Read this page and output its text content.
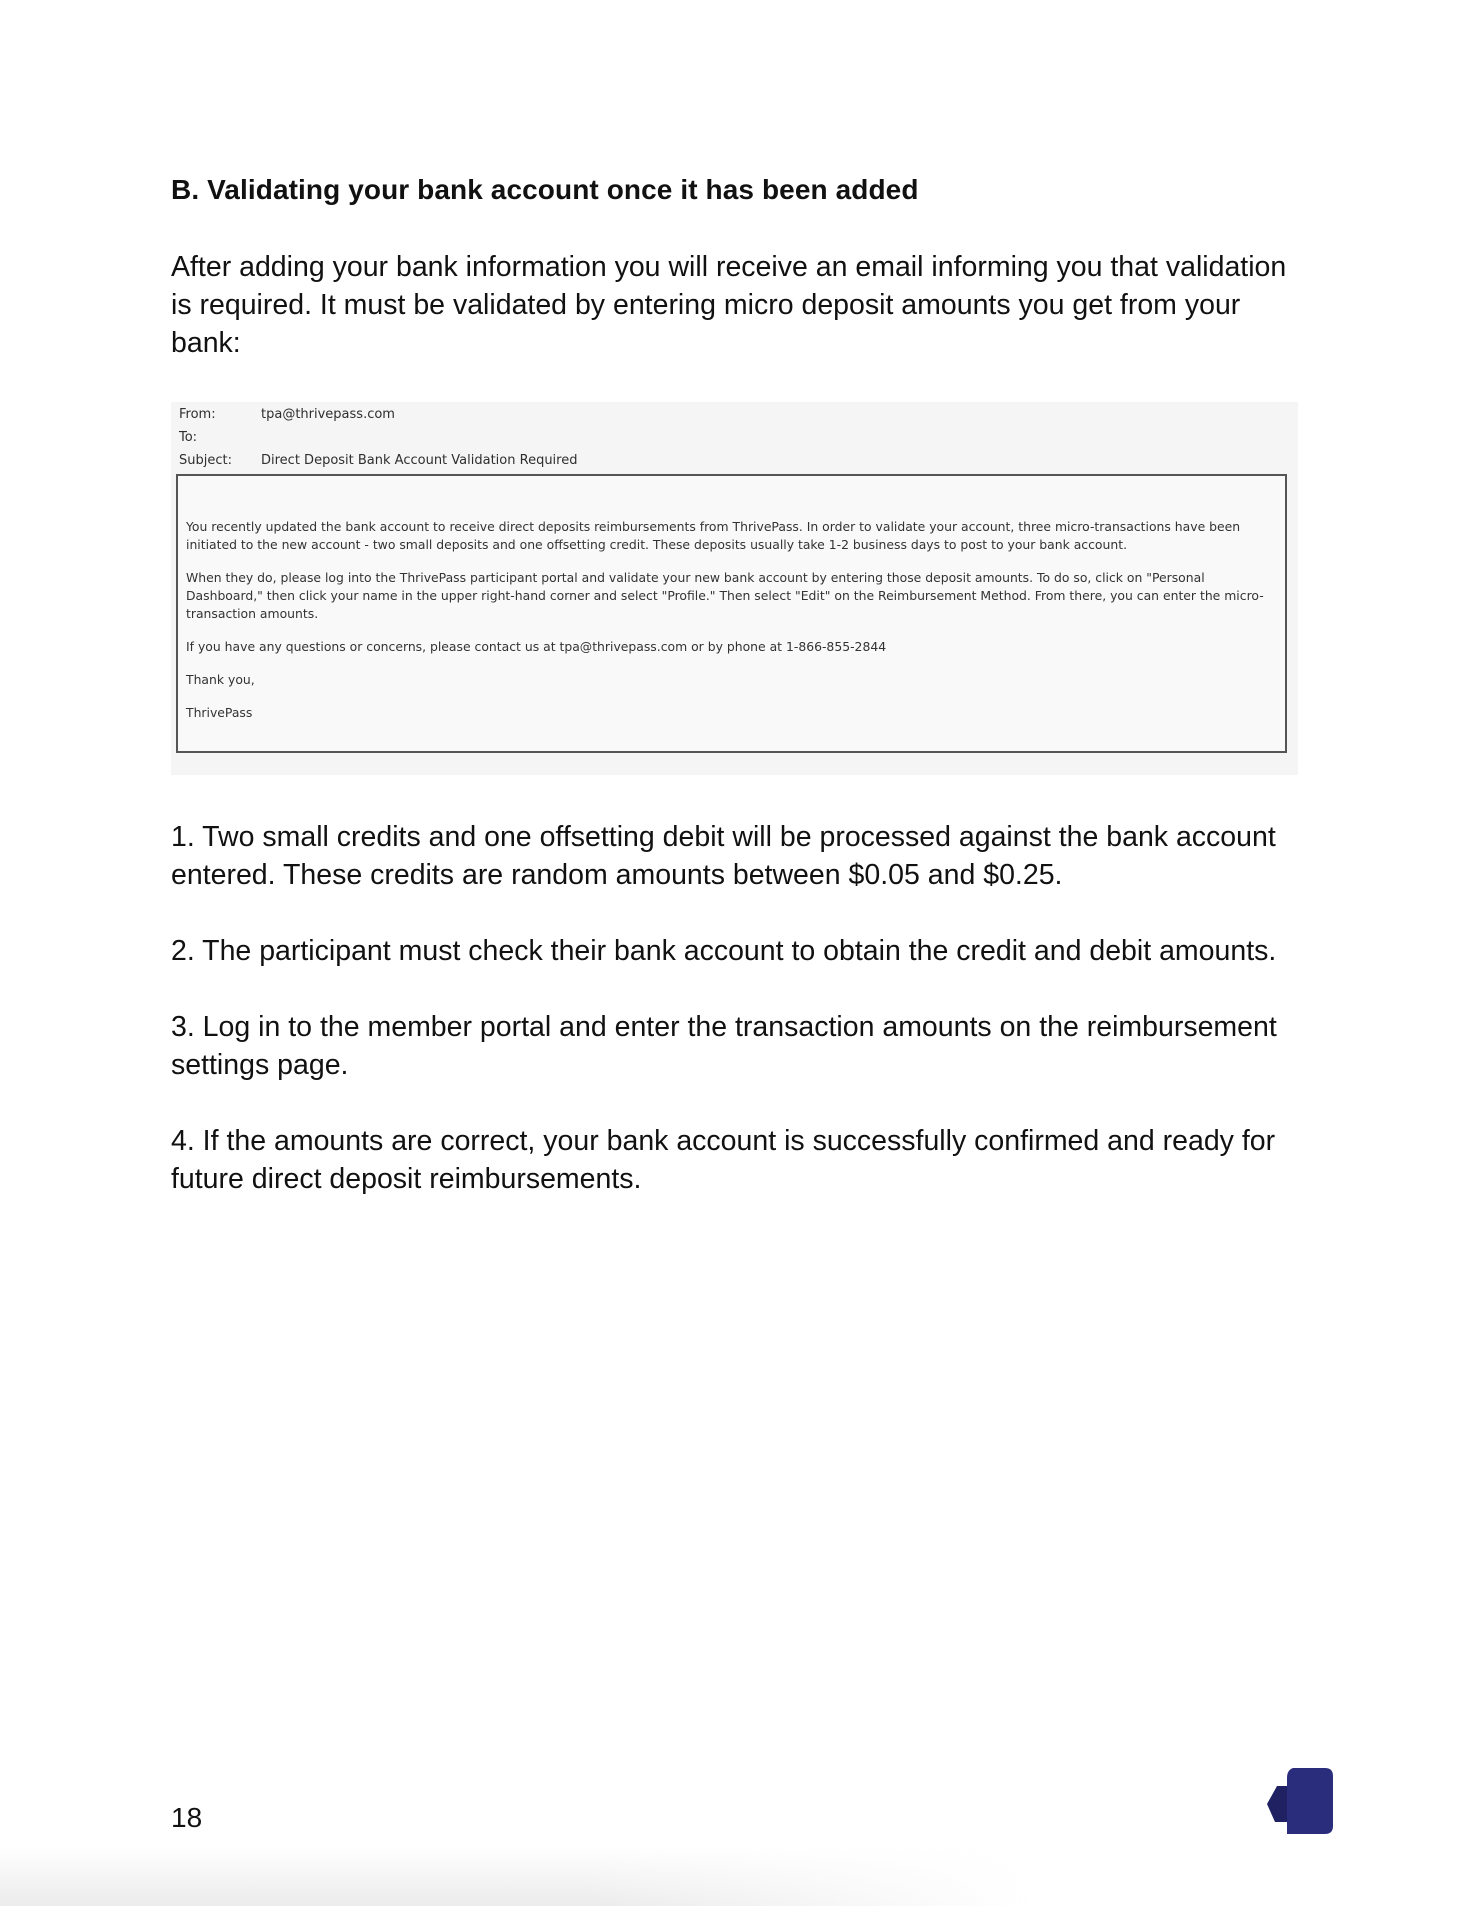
B. Validating your bank account once it has been added

After adding your bank information you will receive an email informing you that validation is required. It must be validated by entering micro deposit amounts you get from your bank:

From:	tpa@thrivepass.com
To:
Subject: Direct Deposit Bank Account Validation Required

You recently updated the bank account to receive direct deposits reimbursements from ThrivePass. In order to validate your account, three micro-transactions have been initiated to the new account - two small deposits and one offsetting credit. These deposits usually take 1-2 business days to post to your bank account.

When they do, please log into the ThrivePass participant portal and validate your new bank account by entering those deposit amounts. To do so, click on "Personal Dashboard," then click your name in the upper right-hand corner and select "Profile." Then select "Edit" on the Reimbursement Method. From there, you can enter the micro-transaction amounts.

If you have any questions or concerns, please contact us at tpa@thrivepass.com or by phone at 1-866-855-2844

Thank you,

ThrivePass

1. Two small credits and one offsetting debit will be processed against the bank account entered. These credits are random amounts between $0.05 and $0.25.

2. The participant must check their bank account to obtain the credit and debit amounts.

3. Log in to the member portal and enter the transaction amounts on the reimbursement settings page.

4. If the amounts are correct, your bank account is successfully confirmed and ready for future direct deposit reimbursements.

18
